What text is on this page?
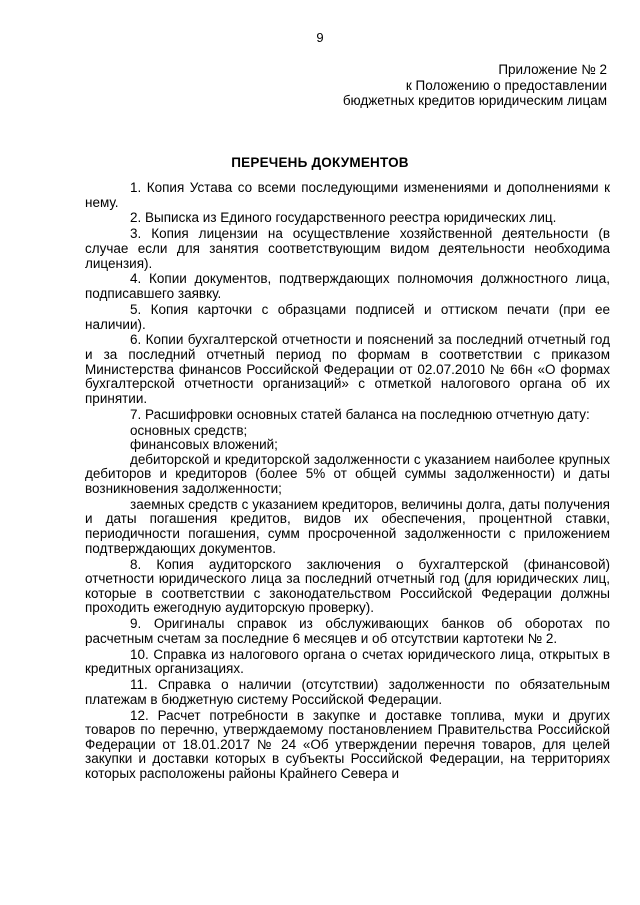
9
Приложение № 2
к Положению о предоставлении
бюджетных кредитов юридическим лицам
ПЕРЕЧЕНЬ ДОКУМЕНТОВ

1. Копия Устава со всеми последующими изменениями и дополнениями к нему.

2. Выписка из Единого государственного реестра юридических лиц.

3. Копия лицензии на осуществление хозяйственной деятельности (в случае если для занятия соответствующим видом деятельности необходима лицензия).

4. Копии документов, подтверждающих полномочия должностного лица, подписавшего заявку.

5. Копия карточки с образцами подписей и оттиском печати (при ее наличии).

6. Копии бухгалтерской отчетности и пояснений за последний отчетный год и за последний отчетный период по формам в соответствии с приказом Министерства финансов Российской Федерации от 02.07.2010 № 66н «О формах бухгалтерской отчетности организаций» с отметкой налогового органа об их принятии.

7. Расшифровки основных статей баланса на последнюю отчетную дату:

основных средств;

финансовых вложений;

дебиторской и кредиторской задолженности с указанием наиболее крупных дебиторов и кредиторов (более 5% от общей суммы задолженности) и даты возникновения задолженности;

заемных средств с указанием кредиторов, величины долга, даты получения и даты погашения кредитов, видов их обеспечения, процентной ставки, периодичности погашения, сумм просроченной задолженности с приложением подтверждающих документов.

8. Копия аудиторского заключения о бухгалтерской (финансовой) отчетности юридического лица за последний отчетный год (для юридических лиц, которые в соответствии с законодательством Российской Федерации должны проходить ежегодную аудиторскую проверку).

9. Оригиналы справок из обслуживающих банков об оборотах по расчетным счетам за последние 6 месяцев и об отсутствии картотеки № 2.

10. Справка из налогового органа о счетах юридического лица, открытых в кредитных организациях.

11. Справка о наличии (отсутствии) задолженности по обязательным платежам в бюджетную систему Российской Федерации.

12. Расчет потребности в закупке и доставке топлива, муки и других товаров по перечню, утверждаемому постановлением Правительства Российской Федерации от 18.01.2017 № 24 «Об утверждении перечня товаров, для целей закупки и доставки которых в субъекты Российской Федерации, на территориях которых расположены районы Крайнего Севера и
